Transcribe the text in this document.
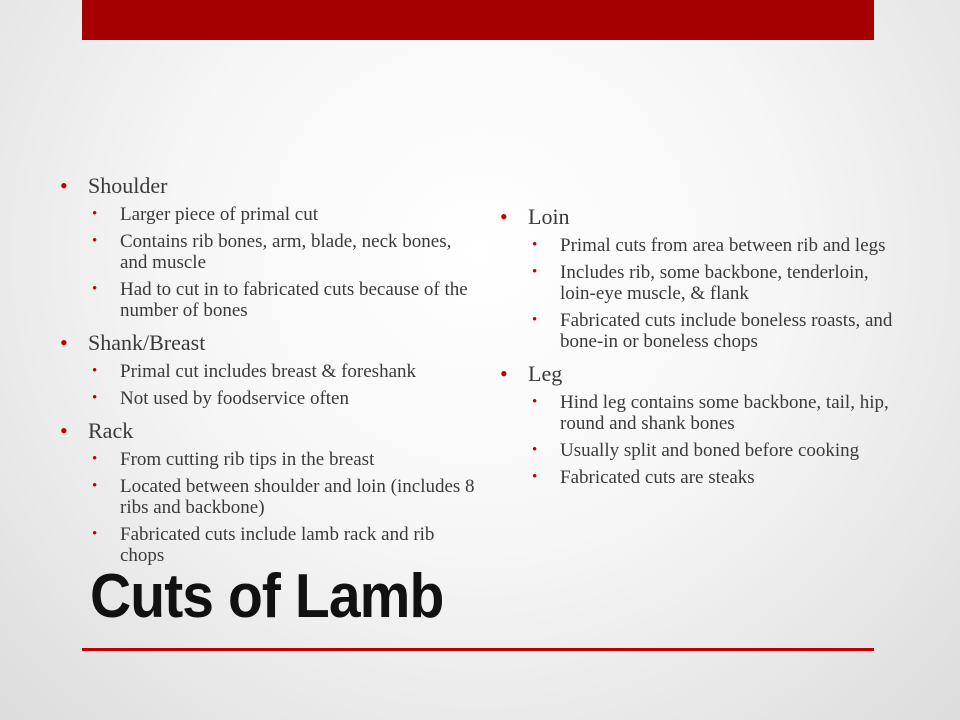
• Shoulder
• Larger piece of primal cut
• Contains rib bones, arm, blade, neck bones, and muscle
• Had to cut in to fabricated cuts because of the number of bones
• Shank/Breast
• Primal cut includes breast & foreshank
• Not used by foodservice often
• Rack
• From cutting rib tips in the breast
• Located between shoulder and loin (includes 8 ribs and backbone)
• Fabricated cuts include lamb rack and rib chops
• Loin
• Primal cuts from area between rib and legs
• Includes rib, some backbone, tenderloin, loin-eye muscle, & flank
• Fabricated cuts include boneless roasts, and bone-in or boneless chops
• Leg
• Hind leg contains some backbone, tail, hip, round and shank bones
• Usually split and boned before cooking
• Fabricated cuts are steaks
Cuts of Lamb
